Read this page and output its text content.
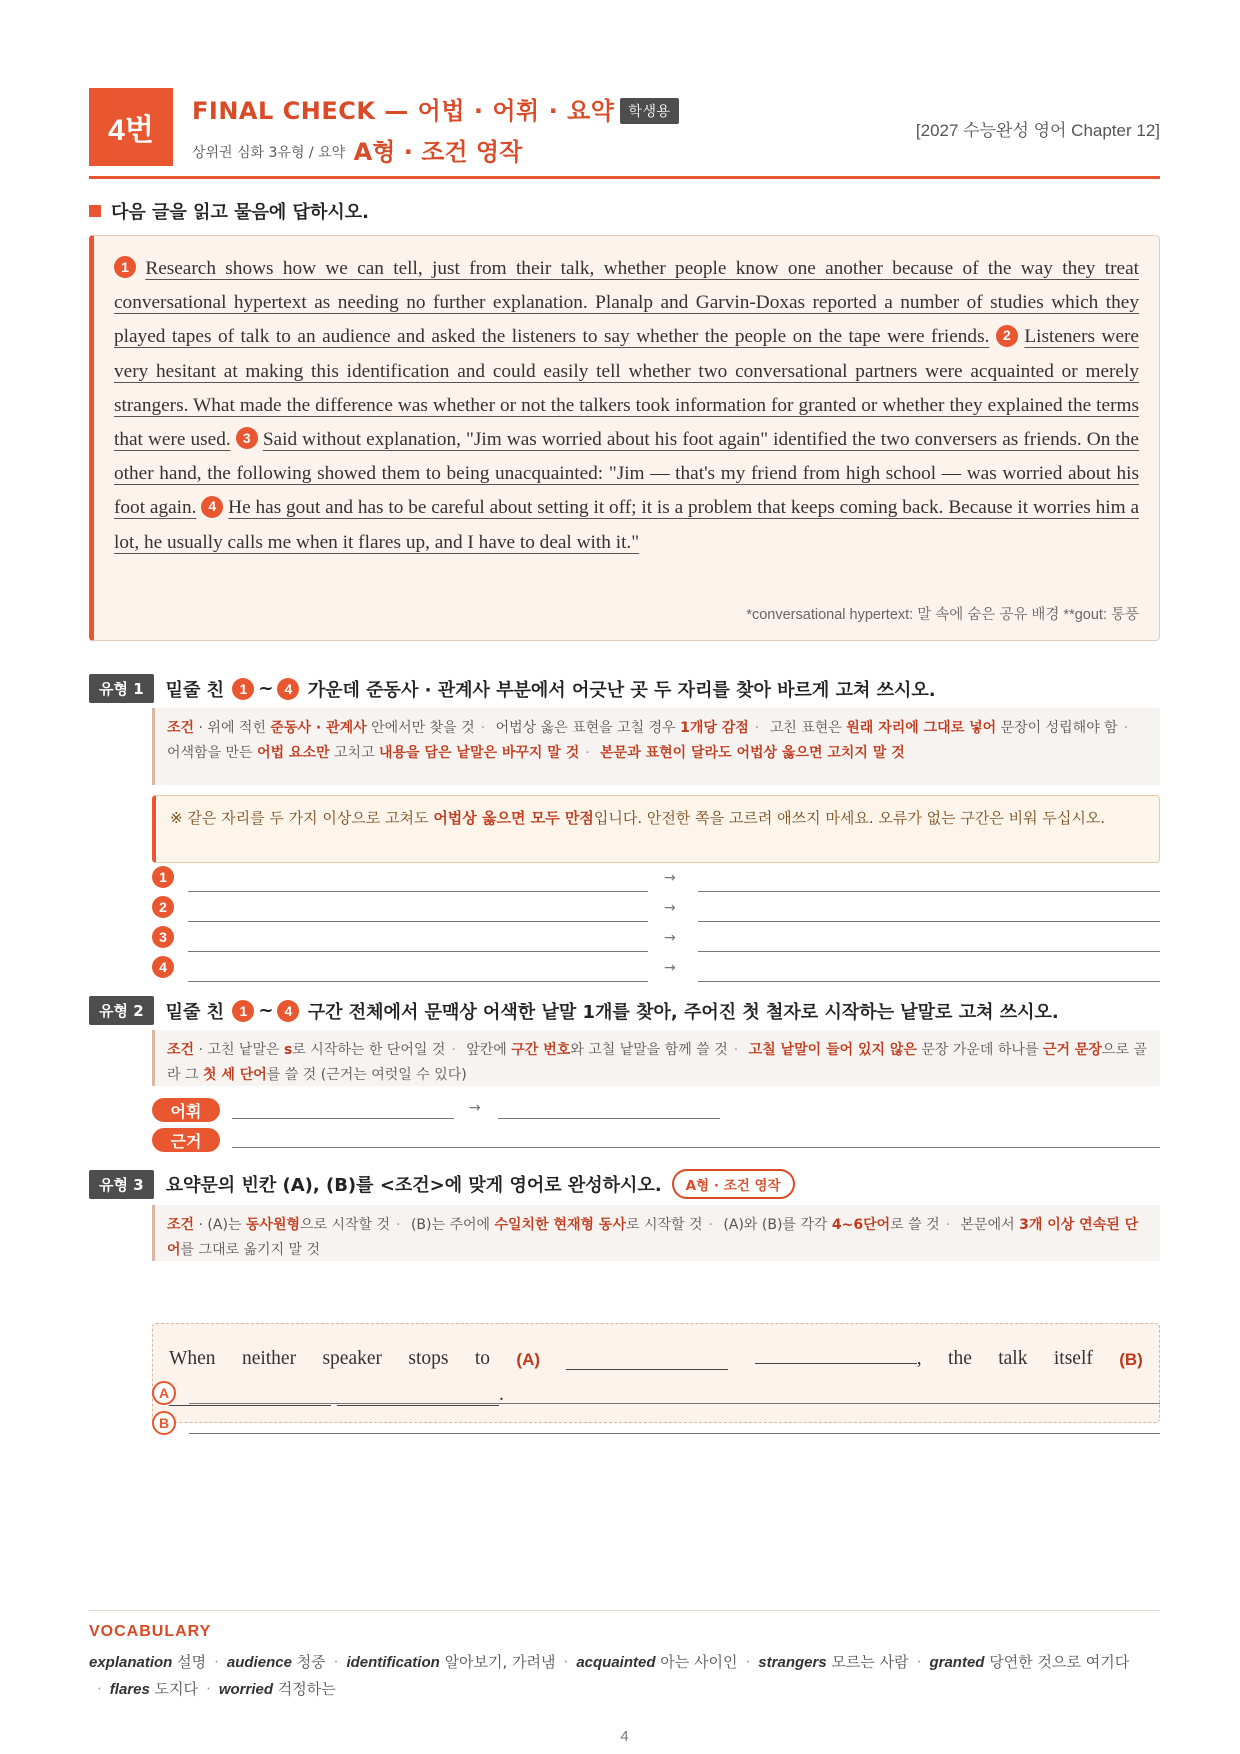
4번
FINAL CHECK — 어법 · 어휘 · 요약 학생용
상위권 심화 3유형 / 요약 A형 · 조건 영작
[2027 수능완성 영어 Chapter 12]
다음 글을 읽고 물음에 답하시오.

1 Research shows how we can tell, just from their talk, whether people know one another because of the way they treat conversational hypertext as needing no further explanation. Planalp and Garvin-Doxas reported a number of studies which they played tapes of talk to an audience and asked the listeners to say whether the people on the tape were friends. 2 Listeners were very hesitant at making this identification and could easily tell whether two conversational partners were acquainted or merely strangers. What made the difference was whether or not the talkers took information for granted or whether they explained the terms that were used. 3 Said without explanation, "Jim was worried about his foot again" identified the two conversers as friends. On the other hand, the following showed them to being unacquainted: "Jim — that's my friend from high school — was worried about his foot again. 4 He has gout and has to be careful about setting it off; it is a problem that keeps coming back. Because it worries him a lot, he usually calls me when it flares up, and I have to deal with it."

*conversational hypertext: 말 속에 숨은 공유 배경 **gout: 통풍
유형 1	밑줄 친
	1 ~ 4
가운데 준동사 · 관계사 부분에서 어긋난 곳 두 자리를 찾아 바르게 고쳐 쓰시오.
조건 · 위에 적힌 준동사 · 관계사 안에서만 찾을 것 · 어법상 옳은 표현을 고칠 경우 1개당 감점 · 고친 표현은 원래 자리에 그대로 넣어 문장이 성립해야 함 · 어색함을 만든 어법 요소만 고치고 내용을 담은 낱말은 바꾸지 말 것 · 본문과 표현이 달라도 어법상 옳으면 고치지 말 것
※ 같은 자리를 두 가지 이상으로 고쳐도 어법상 옳으면 모두 만점입니다. 안전한 쪽을 고르려 애쓰지 마세요. 오류가 없는 구간은 비워 두십시오.
1	→
2	→
3	→
4	→
유형 2	밑줄 친
	1 ~ 4
구간 전체에서 문맥상 어색한 낱말 1개를 찾아, 주어진 첫 철자로 시작하는 낱말로 고쳐 쓰시오.
조건 · 고친 낱말은 s로 시작하는 한 단어일 것 · 앞칸에 구간 번호와 고칠 낱말을 함께 쓸 것 · 고칠 낱말이 들어 있지 않은 문장 가운데 하나를 근거 문장으로 골라 그 첫 세 단어를 쓸 것 (근거는 여럿일 수 있다)
어휘	→
근거
유형 3	요약문의 빈칸 (A), (B)를 <조건>에 맞게 영어로 완성하시오.	A형 · 조건 영작
조건 · (A)는 동사원형으로 시작할 것 · (B)는 주어에 수일치한 현재형 동사로 시작할 것 · (A)와 (B)를 각각 4~6단어로 쓸 것 · 본문에서 3개 이상 연속된 단어를 그대로 옮기지 말 것
When neither speaker stops to (A)	, the talk itself (B)
.
A
B
VOCABULARY
explanation 설명 · audience 청중 · identification 알아보기, 가려냄 · acquainted 아는 사이인 · strangers 모르는 사람 · granted 당연한 것으로 여기다· flares 도지다 · worried 걱정하는
4
